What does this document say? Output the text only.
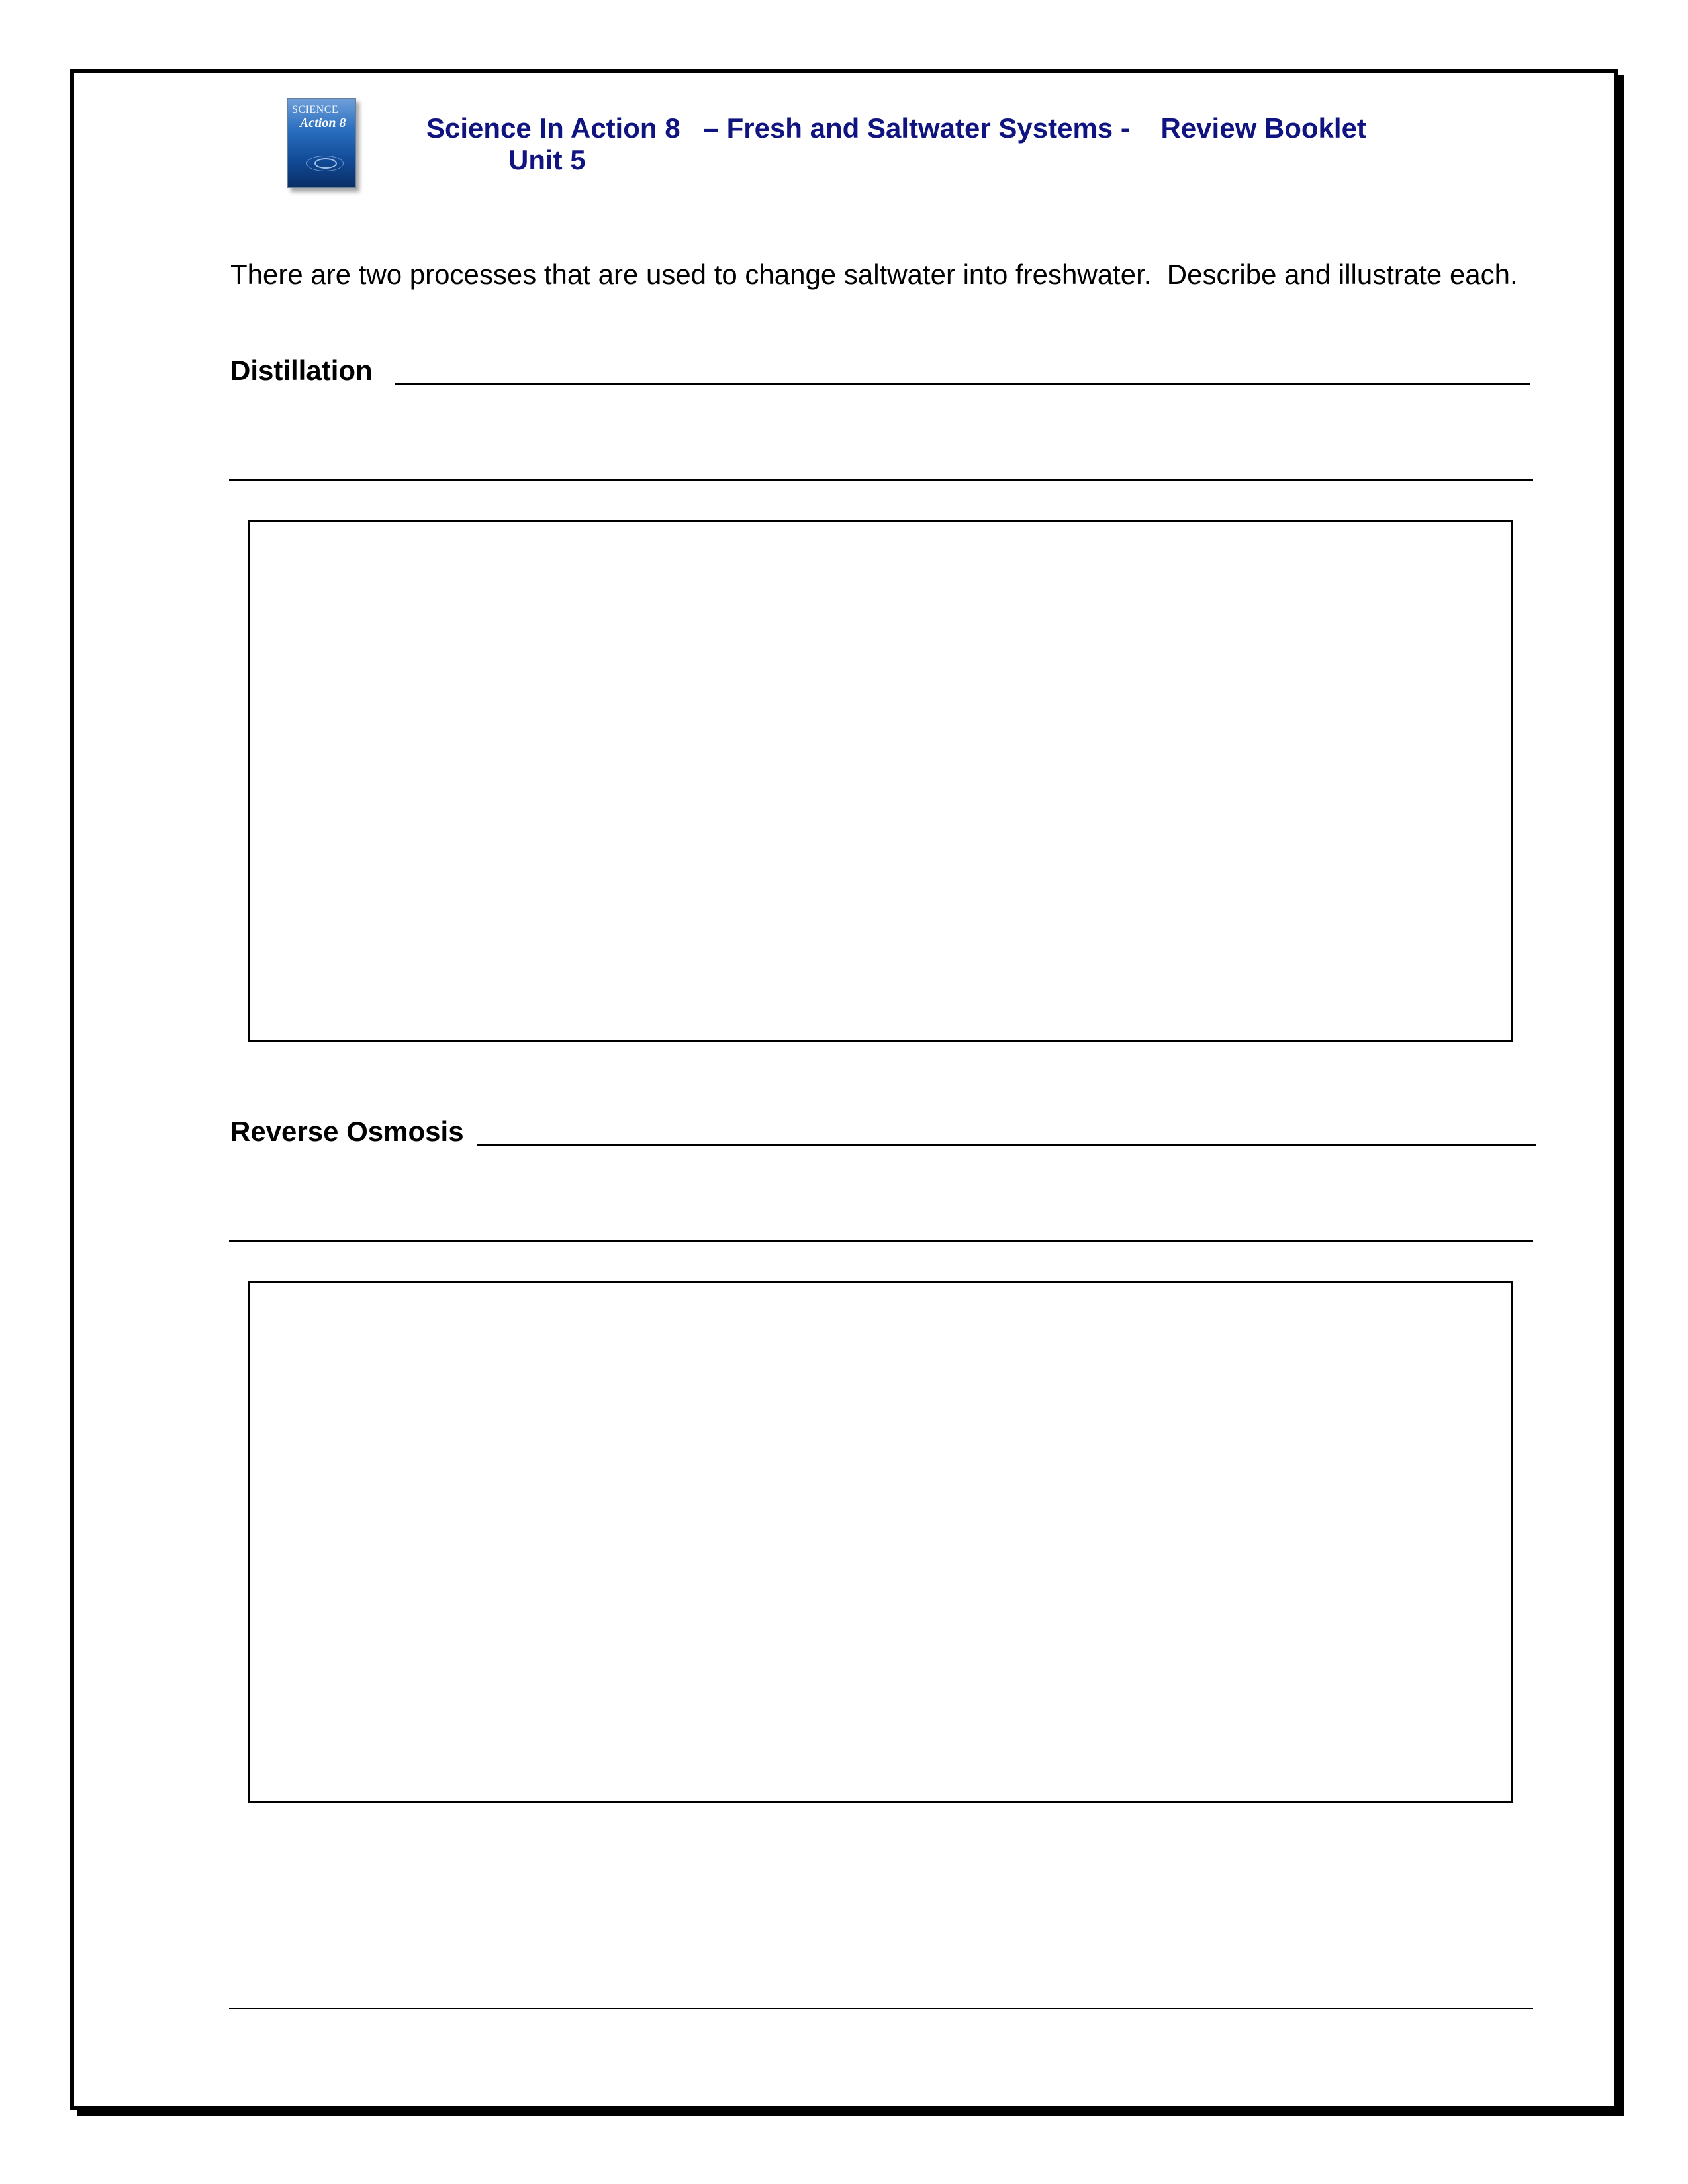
SCIENCE
Action 8	Science In Action 8   – Fresh and Saltwater Systems -    Review Booklet
Unit 5
There are two processes that are used to change saltwater into freshwater.  Describe and illustrate each.
Distillation
Reverse Osmosis
